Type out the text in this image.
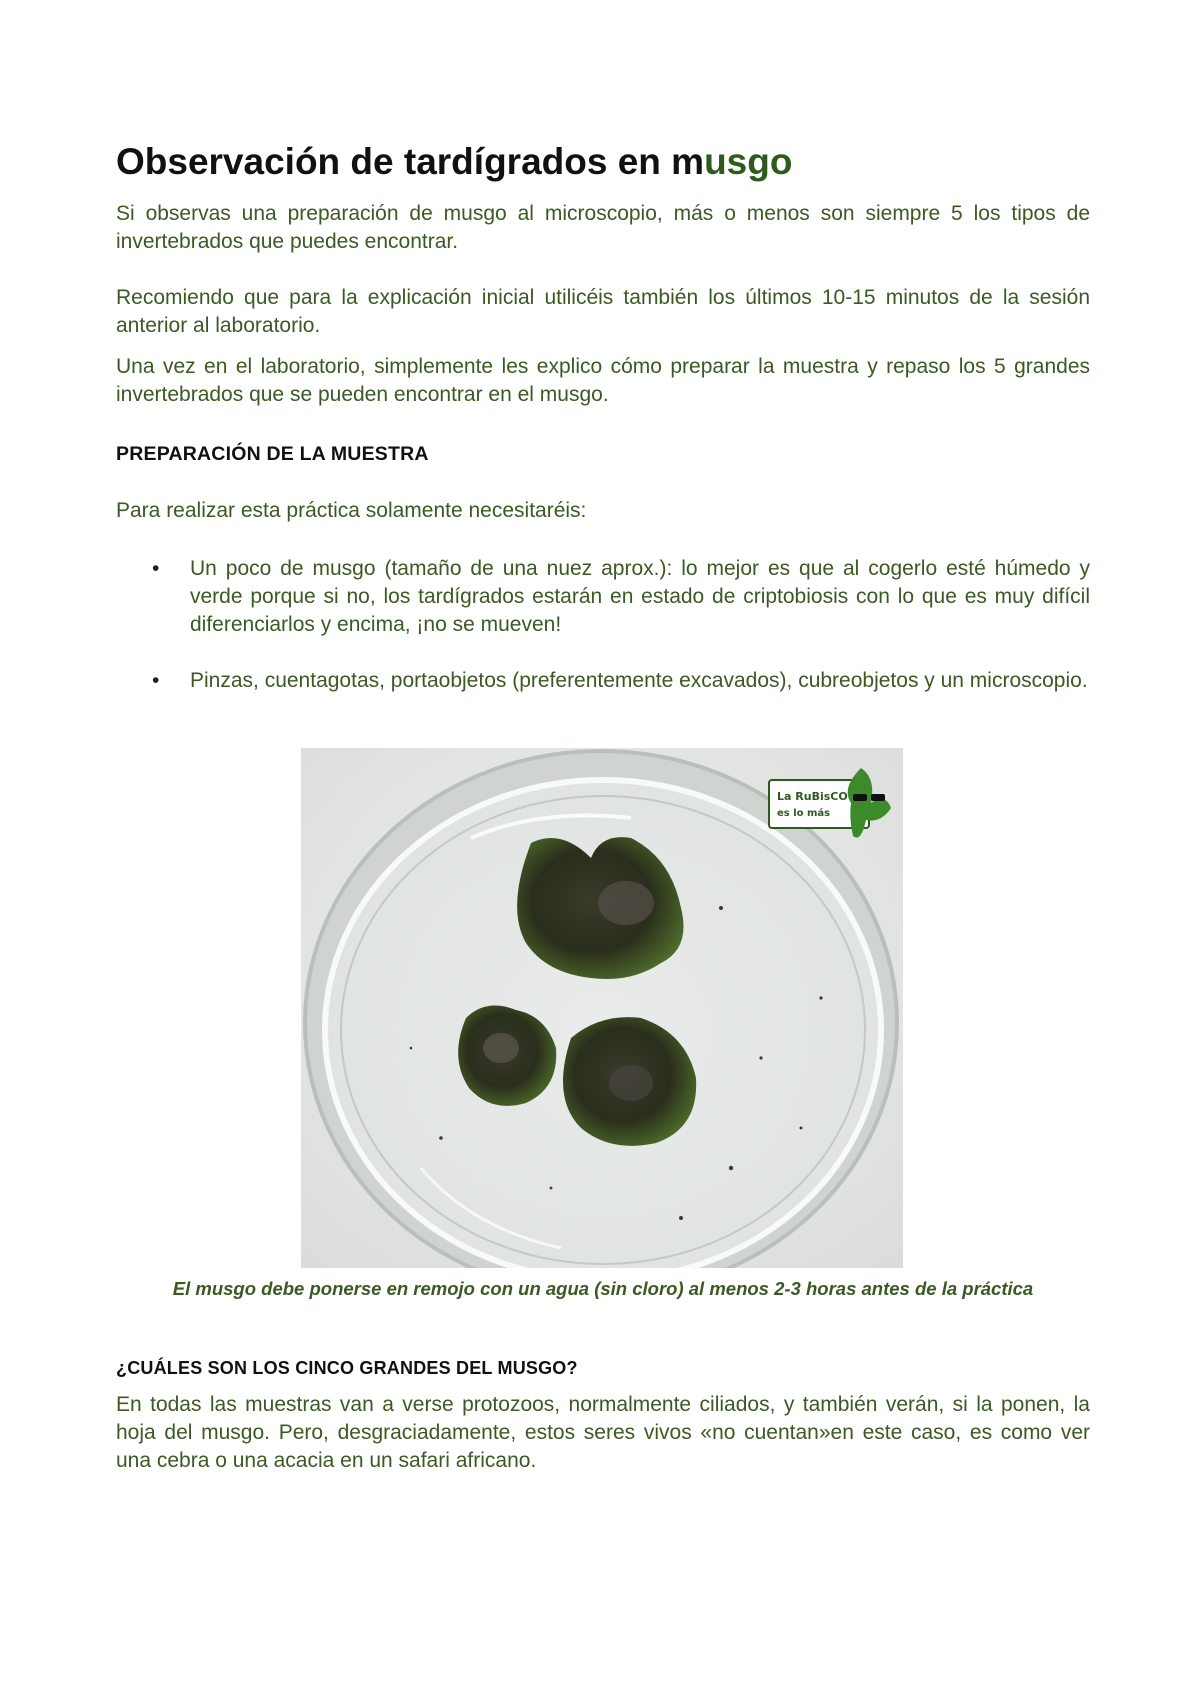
Observación de tardígrados en musgo

Si observas una preparación de musgo al microscopio, más o menos son siempre 5 los tipos de invertebrados que puedes encontrar.

Recomiendo que para la explicación inicial utilicéis también los últimos 10-15 minutos de la sesión anterior al laboratorio.

Una vez en el laboratorio, simplemente les explico cómo preparar la muestra y repaso los 5 grandes invertebrados que se pueden encontrar en el musgo.

PREPARACIÓN DE LA MUESTRA

Para realizar esta práctica solamente necesitaréis:

• Un poco de musgo (tamaño de una nuez aprox.): lo mejor es que al cogerlo esté húmedo y verde porque si no, los tardígrados estarán en estado de criptobiosis con lo que es muy difícil diferenciarlos y encima, ¡no se mueven!
• Pinzas, cuentagotas, portaobjetos (preferentemente excavados), cubreobjetos y un microscopio.
La RuBisCO
es lo más
El musgo debe ponerse en remojo con un agua (sin cloro) al menos 2-3 horas antes de la práctica

¿CUÁLES SON LOS CINCO GRANDES DEL MUSGO?

En todas las muestras van a verse protozoos, normalmente ciliados, y también verán, si la ponen, la hoja del musgo. Pero, desgraciadamente, estos seres vivos «no cuentan»en este caso, es como ver una cebra o una acacia en un safari africano.
